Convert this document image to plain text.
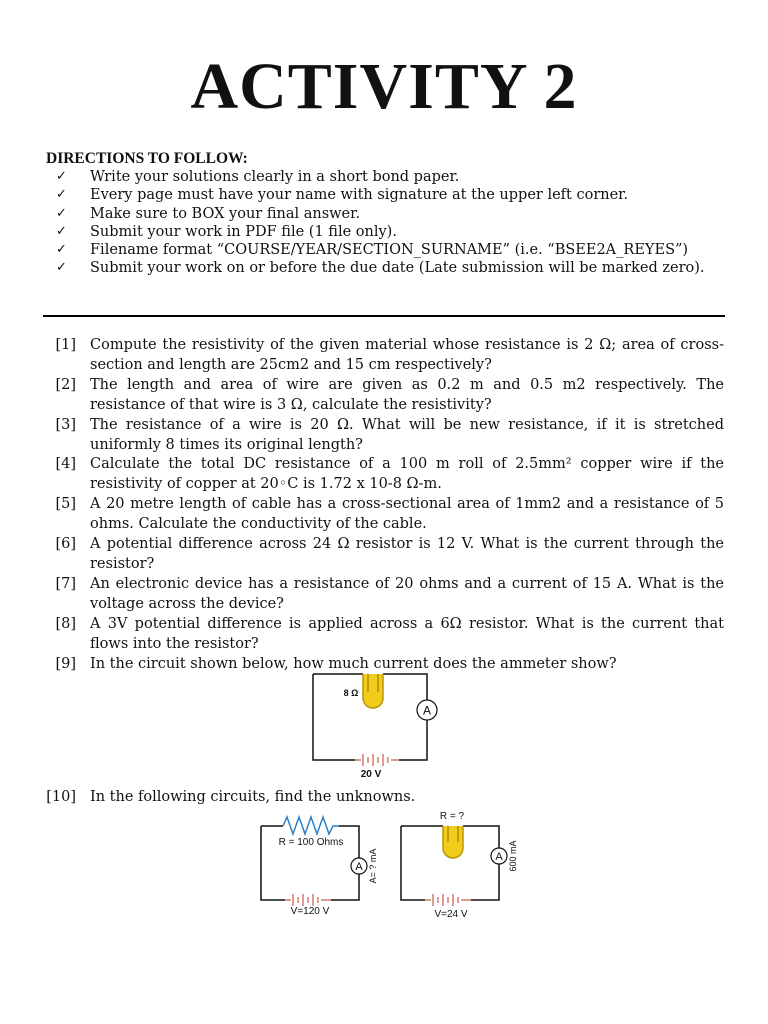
ACTIVITY 2
DIRECTIONS TO FOLLOW:
✓ Write your solutions clearly in a short bond paper.
✓ Every page must have your name with signature at the upper left corner.
✓ Make sure to BOX your final answer.
✓ Submit your work in PDF file (1 file only).
✓ Filename format “COURSE/YEAR/SECTION_SURNAME” (i.e. “BSEE2A_REYES”)
✓ Submit your work on or before the due date (Late submission will be marked zero).
[1] Compute the resistivity of the given material whose resistance is 2 Ω; area of cross-section and length are 25cm2 and 15 cm respectively?
[2] The length and area of wire are given as 0.2 m and 0.5 m2 respectively. The resistance of that wire is 3 Ω, calculate the resistivity?
[3] The resistance of a wire is 20 Ω. What will be new resistance, if it is stretched uniformly 8 times its original length?
[4] Calculate the total DC resistance of a 100 m roll of 2.5mm² copper wire if the resistivity of copper at 20◦C is 1.72 x 10-8 Ω-m.
[5] A 20 metre length of cable has a cross-sectional area of 1mm2 and a resistance of 5 ohms. Calculate the conductivity of the cable.
[6] A potential difference across 24 Ω resistor is 12 V. What is the current through the resistor?
[7] An electronic device has a resistance of 20 ohms and a current of 15 A. What is the voltage across the device?
[8] A 3V potential difference is applied across a 6Ω resistor. What is the current that flows into the resistor?
[9] In the circuit shown below, how much current does the ammeter show?
[10] In the following circuits, find the unknowns.
20 V
8 Ω
A
R = 100 Ohms
V=120 V
A A= ? mA
R = ?
V=24 V
A 600 mA
